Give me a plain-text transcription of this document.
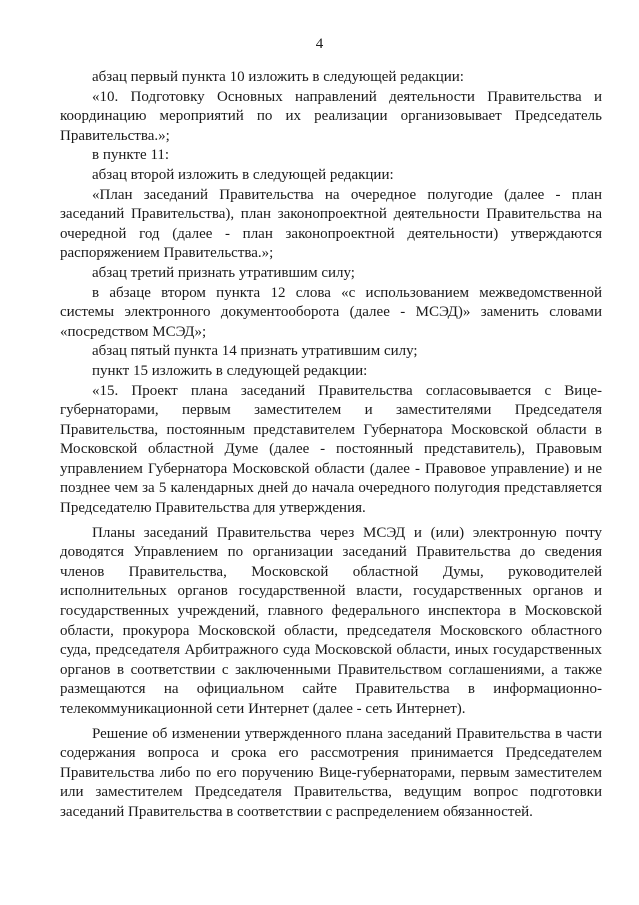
4

абзац первый пункта 10 изложить в следующей редакции:

«10. Подготовку Основных направлений деятельности Правительства и координацию мероприятий по их реализации организовывает Председатель Правительства.»;

в пункте 11:

абзац второй изложить в следующей редакции:

«План заседаний Правительства на очередное полугодие (далее - план заседаний Правительства), план законопроектной деятельности Правительства на очередной год (далее - план законопроектной деятельности) утверждаются распоряжением Правительства.»;

абзац третий признать утратившим силу;

в абзаце втором пункта 12 слова «с использованием межведомственной системы электронного документооборота (далее - МСЭД)» заменить словами «посредством МСЭД»;

абзац пятый пункта 14 признать утратившим силу;

пункт 15 изложить в следующей редакции:

«15. Проект плана заседаний Правительства согласовывается с Вице-губернаторами, первым заместителем и заместителями Председателя Правительства, постоянным представителем Губернатора Московской области в Московской областной Думе (далее - постоянный представитель), Правовым управлением Губернатора Московской области (далее - Правовое управление) и не позднее чем за 5 календарных дней до начала очередного полугодия представляется Председателю Правительства для утверждения.

Планы заседаний Правительства через МСЭД и (или) электронную почту доводятся Управлением по организации заседаний Правительства до сведения членов Правительства, Московской областной Думы, руководителей исполнительных органов государственной власти, государственных органов и государственных учреждений, главного федерального инспектора в Московской области, прокурора Московской области, председателя Московского областного суда, председателя Арбитражного суда Московской области, иных государственных органов в соответствии с заключенными Правительством соглашениями, а также размещаются на официальном сайте Правительства в информационно-телекоммуникационной сети Интернет (далее - сеть Интернет).

Решение об изменении утвержденного плана заседаний Правительства в части содержания вопроса и срока его рассмотрения принимается Председателем Правительства либо по его поручению Вице-губернаторами, первым заместителем или заместителем Председателя Правительства, ведущим вопрос подготовки заседаний Правительства в соответствии с распределением обязанностей.
